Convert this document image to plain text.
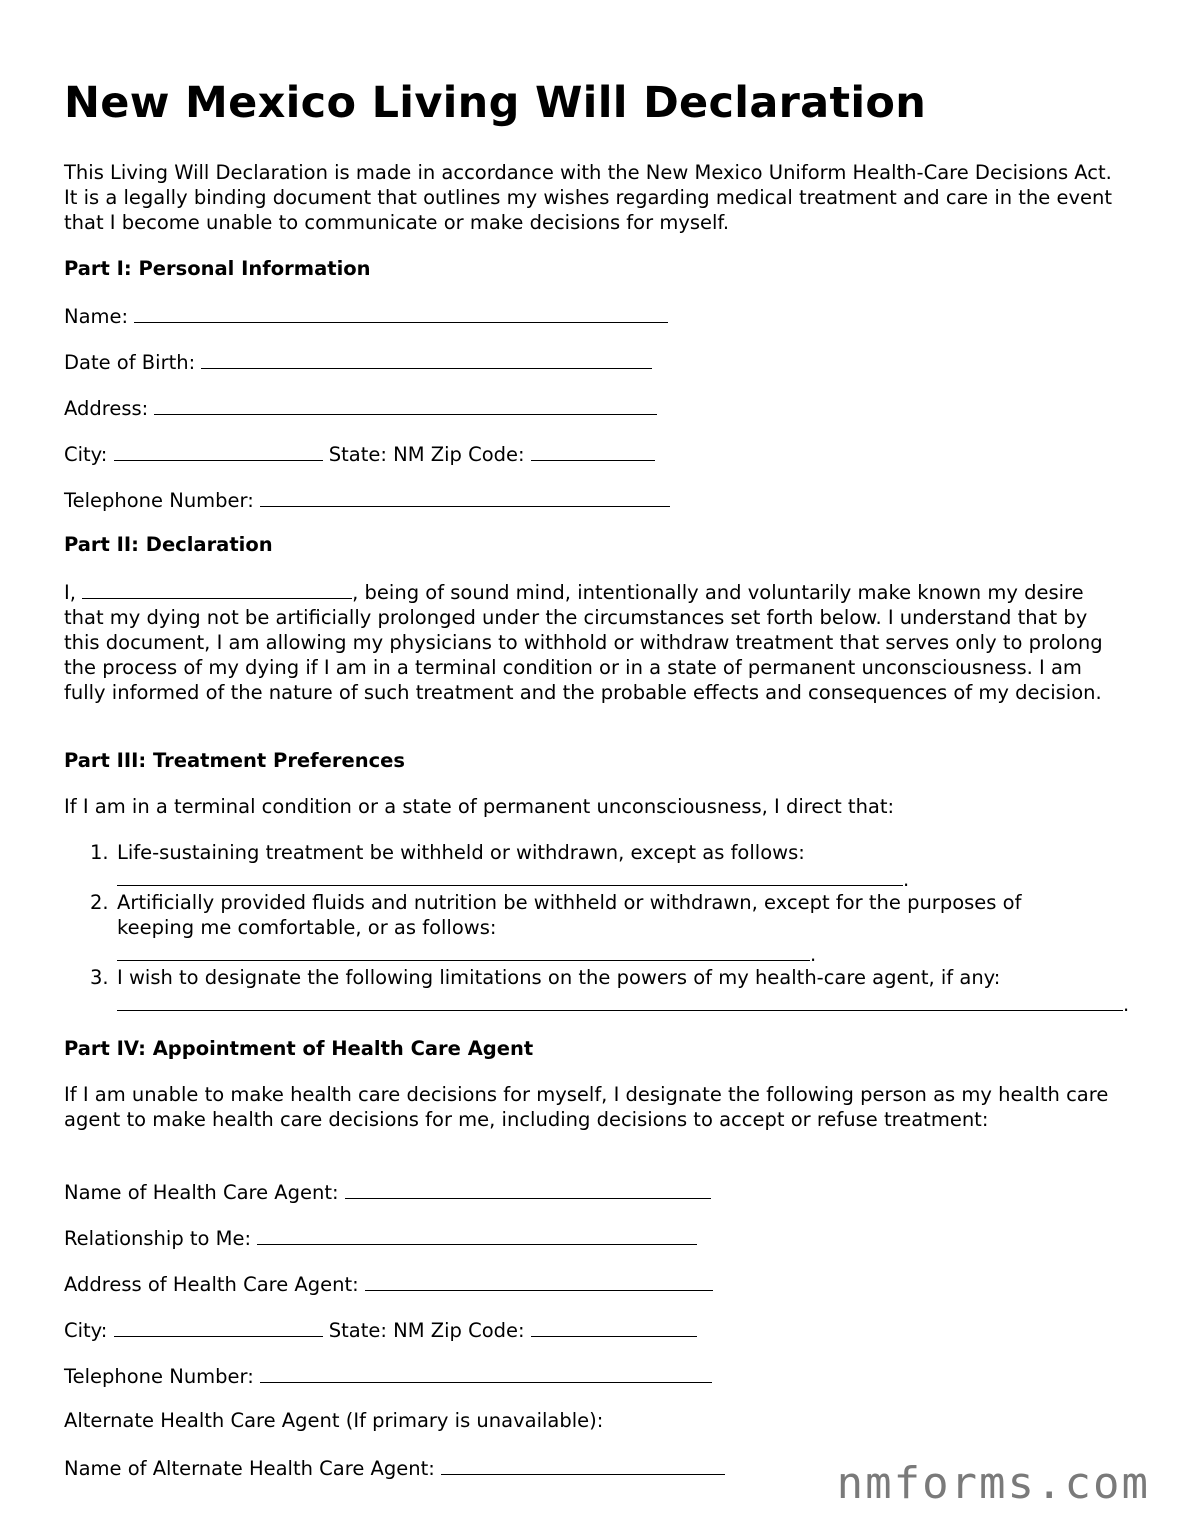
New Mexico Living Will Declaration

This Living Will Declaration is made in accordance with the New Mexico Uniform Health-Care Decisions Act. It is a legally binding document that outlines my wishes regarding medical treatment and care in the event that I become unable to communicate or make decisions for myself.

Part I: Personal Information

Name:
Date of Birth:
Address:
City:	State: NM Zip Code:
Telephone Number:

Part II: Declaration

I,	, being of sound mind, intentionally and voluntarily make known my desire that my dying not be artificially prolonged under the circumstances set forth below. I understand that by this document, I am allowing my physicians to withhold or withdraw treatment that serves only to prolong the process of my dying if I am in a terminal condition or in a state of permanent unconsciousness. I am fully informed of the nature of such treatment and the probable effects and consequences of my decision.

Part III: Treatment Preferences

If I am in a terminal condition or a state of permanent unconsciousness, I direct that:

1. Life-sustaining treatment be withheld or withdrawn, except as follows:
.
2. Artificially provided fluids and nutrition be withheld or withdrawn, except for the purposes of keeping me comfortable, or as follows:
.
3. I wish to designate the following limitations on the powers of my health-care agent, if any:
.

Part IV: Appointment of Health Care Agent

If I am unable to make health care decisions for myself, I designate the following person as my health care agent to make health care decisions for me, including decisions to accept or refuse treatment:

Name of Health Care Agent:
Relationship to Me:
Address of Health Care Agent:
City:	State: NM Zip Code:
Telephone Number:

Alternate Health Care Agent (If primary is unavailable):

Name of Alternate Health Care Agent:	nmforms.com
